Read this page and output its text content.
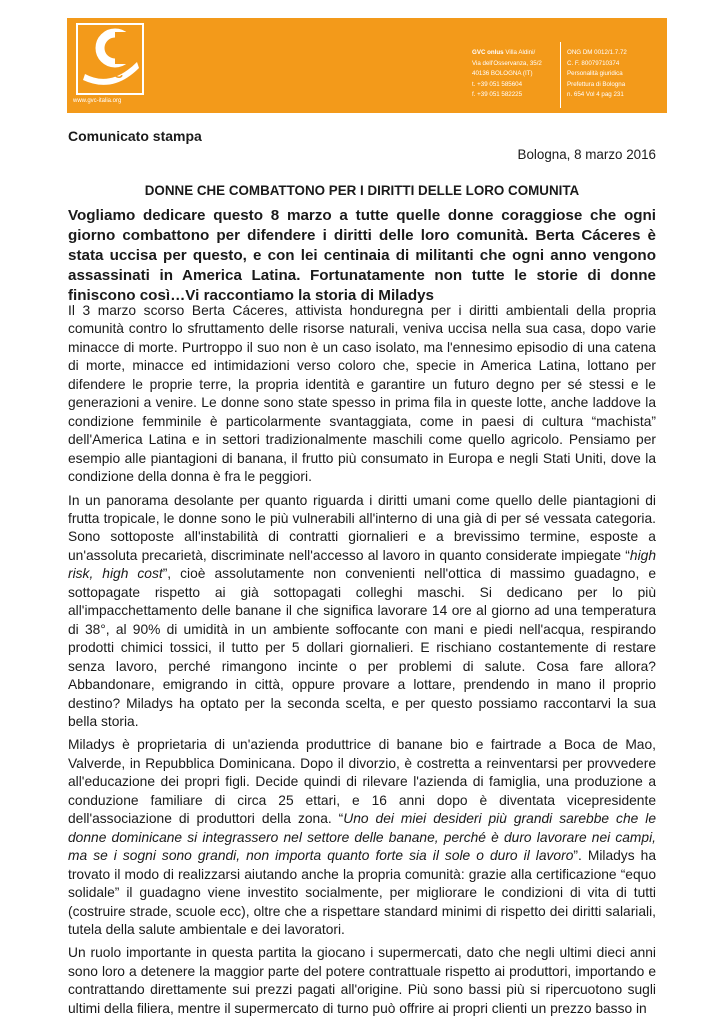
GVC
www.gvc-italia.org
GVC onlus Villa Aldini/
Via dell'Osservanza, 35/2
40136 BOLOGNA (IT)
t. +39 051 585604
f. +39 051 582225
ONG DM 0012/1.7.72
C. F. 80079710374
Personalità giuridica
Prefettura di Bologna
n. 654 Vol 4 pag 231
Comunicato stampa
Bologna, 8 marzo 2016
DONNE CHE COMBATTONO PER I DIRITTI DELLE LORO COMUNITA
Vogliamo dedicare questo 8 marzo a tutte quelle donne coraggiose che ogni giorno combattono per difendere i diritti delle loro comunità. Berta Cáceres è stata uccisa per questo, e con lei centinaia di militanti che ogni anno vengono assassinati in America Latina. Fortunatamente non tutte le storie di donne finiscono così…Vi raccontiamo la storia di Miladys

Il 3 marzo scorso Berta Cáceres, attivista honduregna per i diritti ambientali della propria comunità contro lo sfruttamento delle risorse naturali, veniva uccisa nella sua casa, dopo varie minacce di morte. Purtroppo il suo non è un caso isolato, ma l'ennesimo episodio di una catena di morte, minacce ed intimidazioni verso coloro che, specie in America Latina, lottano per difendere le proprie terre, la propria identità e garantire un futuro degno per sé stessi e le generazioni a venire. Le donne sono state spesso in prima fila in queste lotte, anche laddove la condizione femminile è particolarmente svantaggiata, come in paesi di cultura “machista” dell'America Latina e in settori tradizionalmente maschili come quello agricolo. Pensiamo per esempio alle piantagioni di banana, il frutto più consumato in Europa e negli Stati Uniti, dove la condizione della donna è fra le peggiori.

In un panorama desolante per quanto riguarda i diritti umani come quello delle piantagioni di frutta tropicale, le donne sono le più vulnerabili all'interno di una già di per sé vessata categoria. Sono sottoposte all'instabilità di contratti giornalieri e a brevissimo termine, esposte a un'assoluta precarietà, discriminate nell'accesso al lavoro in quanto considerate impiegate “high risk, high cost”, cioè assolutamente non convenienti nell'ottica di massimo guadagno, e sottopagate rispetto ai già sottopagati colleghi maschi. Si dedicano per lo più all'impacchettamento delle banane il che significa lavorare 14 ore al giorno ad una temperatura di 38°, al 90% di umidità in un ambiente soffocante con mani e piedi nell'acqua, respirando prodotti chimici tossici, il tutto per 5 dollari giornalieri. E rischiano costantemente di restare senza lavoro, perché rimangono incinte o per problemi di salute. Cosa fare allora? Abbandonare, emigrando in città, oppure provare a lottare, prendendo in mano il proprio destino? Miladys ha optato per la seconda scelta, e per questo possiamo raccontarvi la sua bella storia.

Miladys è proprietaria di un'azienda produttrice di banane bio e fairtrade a Boca de Mao, Valverde, in Repubblica Dominicana. Dopo il divorzio, è costretta a reinventarsi per provvedere all'educazione dei propri figli. Decide quindi di rilevare l'azienda di famiglia, una produzione a conduzione familiare di circa 25 ettari, e 16 anni dopo è diventata vicepresidente dell'associazione di produttori della zona. “Uno dei miei desideri più grandi sarebbe che le donne dominicane si integrassero nel settore delle banane, perché è duro lavorare nei campi, ma se i sogni sono grandi, non importa quanto forte sia il sole o duro il lavoro”. Miladys ha trovato il modo di realizzarsi aiutando anche la propria comunità: grazie alla certificazione “equo solidale” il guadagno viene investito socialmente, per migliorare le condizioni di vita di tutti (costruire strade, scuole ecc), oltre che a rispettare standard minimi di rispetto dei diritti salariali, tutela della salute ambientale e dei lavoratori.

Un ruolo importante in questa partita la giocano i supermercati, dato che negli ultimi dieci anni sono loro a detenere la maggior parte del potere contrattuale rispetto ai produttori, importando e contrattando direttamente sui prezzi pagati all'origine. Più sono bassi più si ripercuotono sugli ultimi della filiera, mentre il supermercato di turno può offrire ai propri clienti un prezzo basso in
